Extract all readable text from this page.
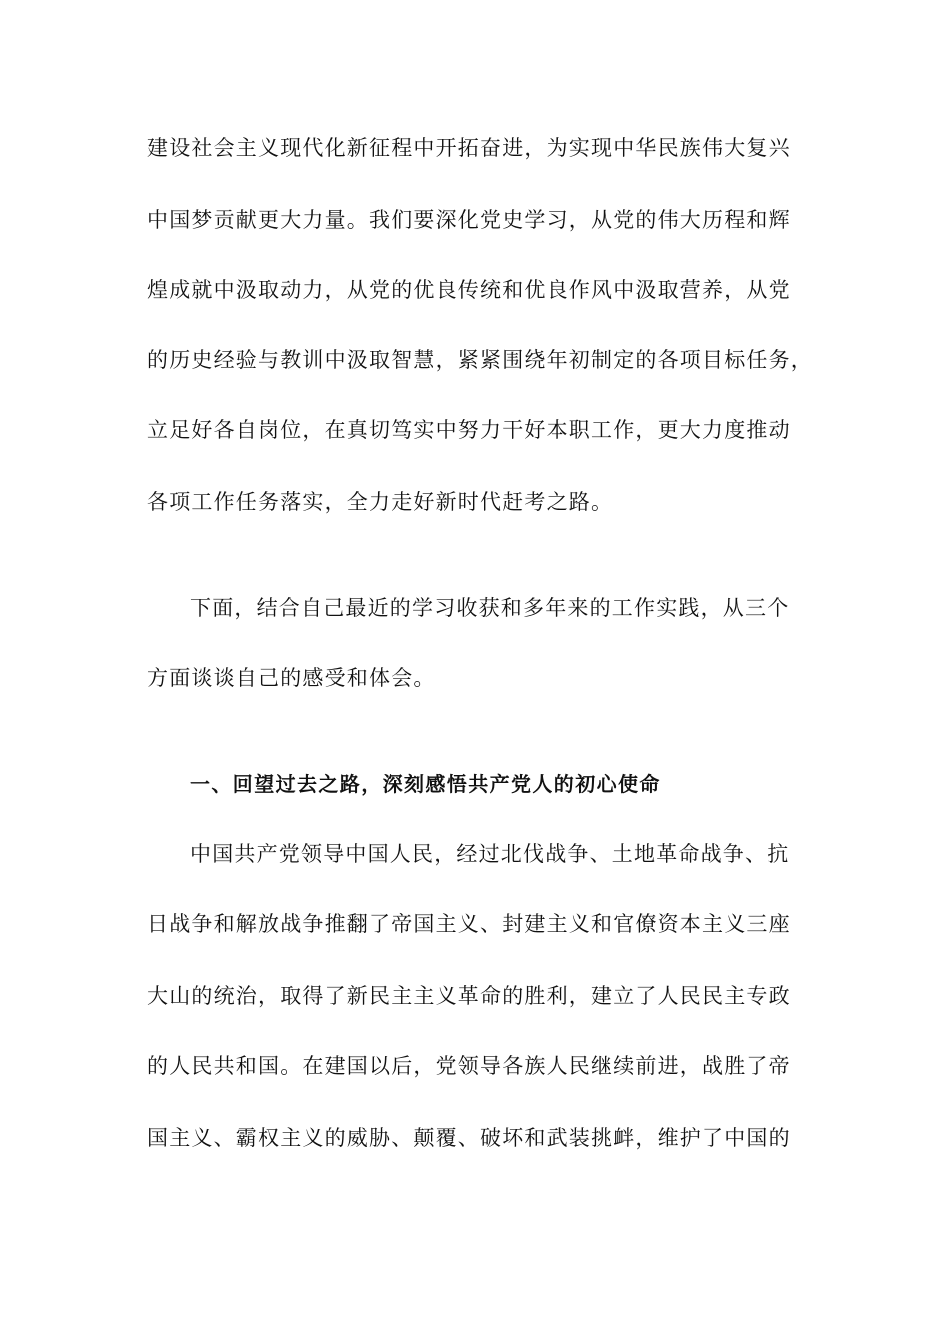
建设社会主义现代化新征程中开拓奋进，为实现中华民族伟大复兴
中国梦贡献更大力量。我们要深化党史学习，从党的伟大历程和辉
煌成就中汲取动力，从党的优良传统和优良作风中汲取营养，从党
的历史经验与教训中汲取智慧，紧紧围绕年初制定的各项目标任务，
立足好各自岗位，在真切笃实中努力干好本职工作，更大力度推动
各项工作任务落实，全力走好新时代赶考之路。
下面，结合自己最近的学习收获和多年来的工作实践，从三个
方面谈谈自己的感受和体会。
一、回望过去之路，深刻感悟共产党人的初心使命
中国共产党领导中国人民，经过北伐战争、土地革命战争、抗
日战争和解放战争推翻了帝国主义、封建主义和官僚资本主义三座
大山的统治，取得了新民主主义革命的胜利，建立了人民民主专政
的人民共和国。在建国以后，党领导各族人民继续前进，战胜了帝
国主义、霸权主义的威胁、颠覆、破坏和武装挑衅，维护了中国的
